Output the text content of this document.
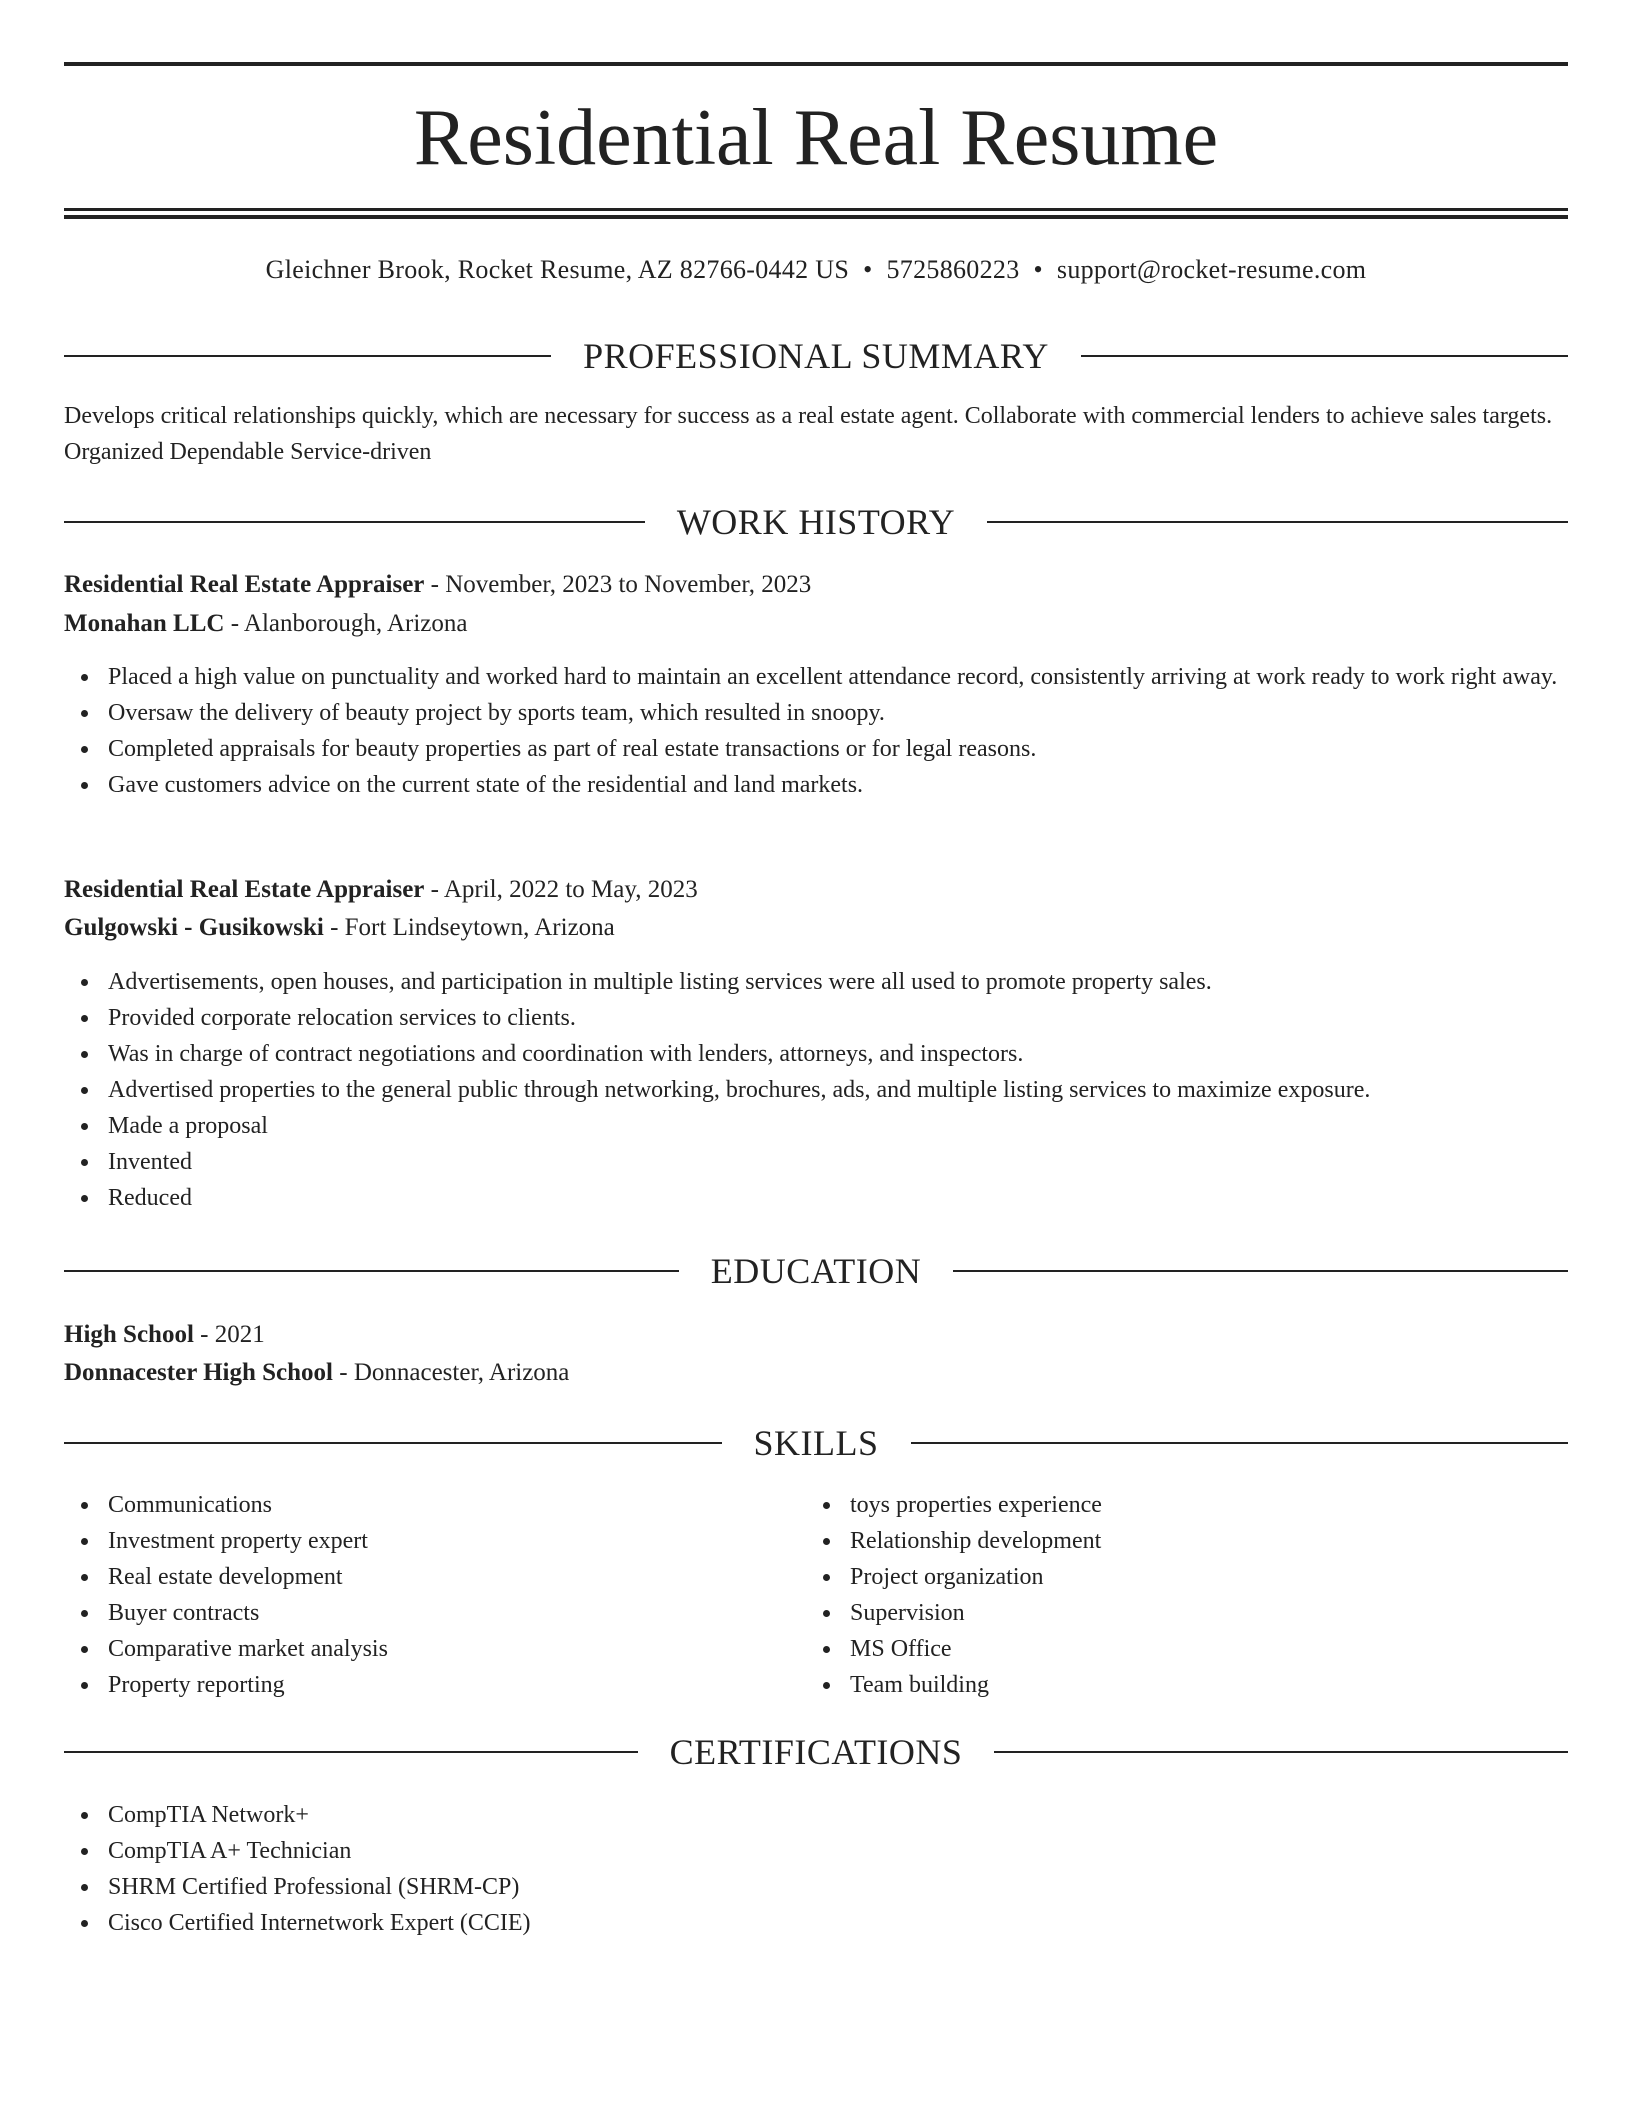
Residential Real Resume
Gleichner Brook, Rocket Resume, AZ 82766-0442 US • 5725860223 • support@rocket-resume.com
PROFESSIONAL SUMMARY
Develops critical relationships quickly, which are necessary for success as a real estate agent. Collaborate with commercial lenders to achieve sales targets. Organized Dependable Service-driven
WORK HISTORY
Residential Real Estate Appraiser - November, 2023 to November, 2023
Monahan LLC - Alanborough, Arizona
Placed a high value on punctuality and worked hard to maintain an excellent attendance record, consistently arriving at work ready to work right away.
Oversaw the delivery of beauty project by sports team, which resulted in snoopy.
Completed appraisals for beauty properties as part of real estate transactions or for legal reasons.
Gave customers advice on the current state of the residential and land markets.
Residential Real Estate Appraiser - April, 2022 to May, 2023
Gulgowski - Gusikowski - Fort Lindseytown, Arizona
Advertisements, open houses, and participation in multiple listing services were all used to promote property sales.
Provided corporate relocation services to clients.
Was in charge of contract negotiations and coordination with lenders, attorneys, and inspectors.
Advertised properties to the general public through networking, brochures, ads, and multiple listing services to maximize exposure.
Made a proposal
Invented
Reduced
EDUCATION
High School - 2021
Donnacester High School - Donnacester, Arizona
SKILLS
Communications
Investment property expert
Real estate development
Buyer contracts
Comparative market analysis
Property reporting
toys properties experience
Relationship development
Project organization
Supervision
MS Office
Team building
CERTIFICATIONS
CompTIA Network+
CompTIA A+ Technician
SHRM Certified Professional (SHRM-CP)
Cisco Certified Internetwork Expert (CCIE)
